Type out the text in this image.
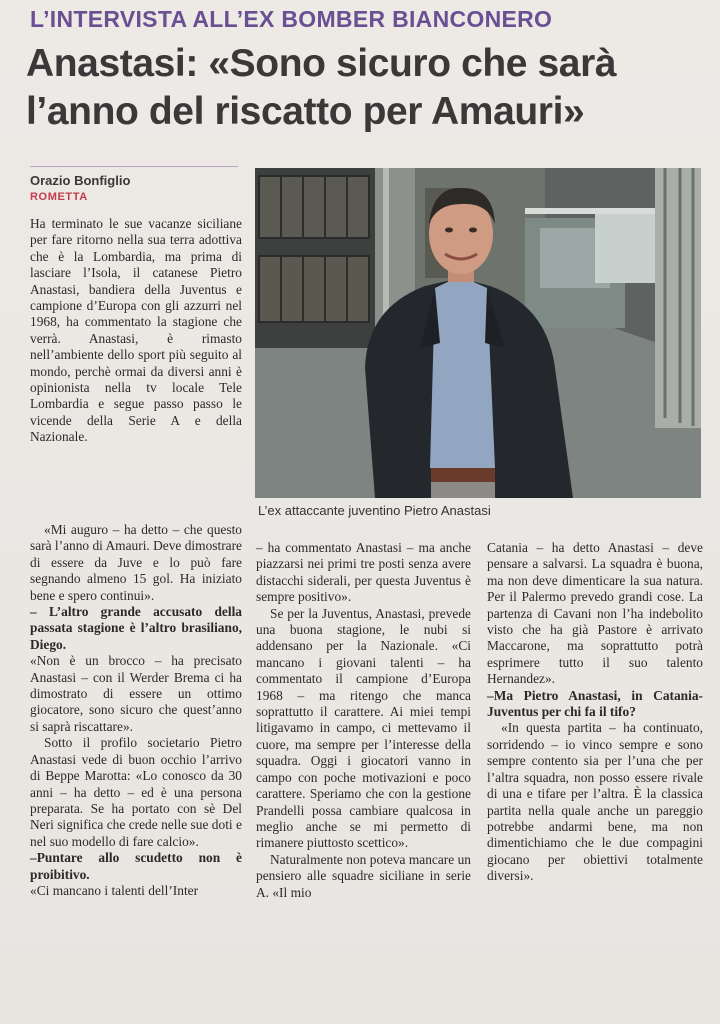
L’INTERVISTA ALL’EX BOMBER BIANCONERO
Anastasi: «Sono sicuro che sarà
l’anno del riscatto per Amauri»
Orazio Bonfiglio
ROMETTA

Ha terminato le sue vacanze siciliane per fare ritorno nella sua terra adottiva che è la Lombardia, ma prima di lasciare l’Isola, il catanese Pietro Anastasi, bandiera della Juventus e campione d’Europa con gli azzurri nel 1968, ha commentato la stagione che verrà. Anastasi, è rimasto nell’ambiente dello sport più seguito al mondo, perchè ormai da diversi anni è opinionista nella tv locale Tele Lombardia e segue passo passo le vicende della Serie A e della Nazionale.

L’ex attaccante juventino Pietro Anastasi

«Mi auguro – ha detto – che questo sarà l’anno di Amauri. Deve dimostrare di essere da Juve e lo può fare segnando almeno 15 gol. Ha iniziato bene e spero continui».

– L’altro grande accusato della passata stagione è l’altro brasiliano, Diego.

«Non è un brocco – ha precisato Anastasi – con il Werder Brema ci ha dimostrato di essere un ottimo giocatore, sono sicuro che quest’anno si saprà riscattare».

Sotto il profilo societario Pietro Anastasi vede di buon occhio l’arrivo di Beppe Marotta: «Lo conosco da 30 anni – ha detto – ed è una persona preparata. Se ha portato con sè Del Neri significa che crede nelle sue doti e nel suo modello di fare calcio».

–Puntare allo scudetto non è proibitivo.

«Ci mancano i talenti dell’Inter

– ha commentato Anastasi – ma anche piazzarsi nei primi tre posti senza avere distacchi siderali, per questa Juventus è sempre positivo».

Se per la Juventus, Anastasi, prevede una buona stagione, le nubi si addensano per la Nazionale. «Ci mancano i giovani talenti – ha commentato il campione d’Europa 1968 – ma ritengo che manca soprattutto il carattere. Ai miei tempi litigavamo in campo, ci mettevamo il cuore, ma sempre per l’interesse della squadra. Oggi i giocatori vanno in campo con poche motivazioni e poco carattere. Speriamo che con la gestione Prandelli possa cambiare qualcosa in meglio anche se mi permetto di rimanere piuttosto scettico».

Naturalmente non poteva mancare un pensiero alle squadre siciliane in serie A. «Il mio

Catania – ha detto Anastasi – deve pensare a salvarsi. La squadra è buona, ma non deve dimenticare la sua natura. Per il Palermo prevedo grandi cose. La partenza di Cavani non l’ha indebolito visto che ha già Pastore è arrivato Maccarone, ma soprattutto potrà esprimere tutto il suo talento Hernandez».

–Ma Pietro Anastasi, in Catania-Juventus per chi fa il tifo?

«In questa partita – ha continuato, sorridendo – io vinco sempre e sono sempre contento sia per l’una che per l’altra squadra, non posso essere rivale di una e tifare per l’altra. È la classica partita nella quale anche un pareggio potrebbe andarmi bene, ma non dimentichiamo che le due compagini giocano per obiettivi totalmente diversi».
